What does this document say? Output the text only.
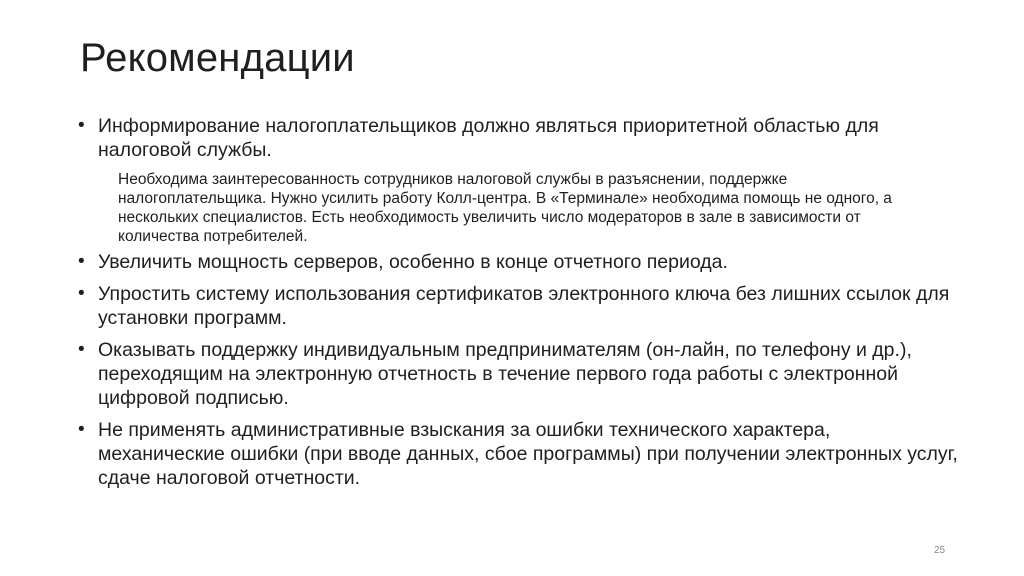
Рекомендации
• Информирование налогоплательщиков должно являться приоритетной областью для налоговой службы.
Необходима заинтересованность сотрудников налоговой службы в разъяснении, поддержке налогоплательщика. Нужно усилить работу Колл-центра. В «Терминале» необходима помощь не одного, а нескольких специалистов. Есть необходимость увеличить число модераторов в зале в зависимости от количества потребителей.
• Увеличить мощность серверов, особенно в конце отчетного периода.
• Упростить систему использования сертификатов электронного ключа без лишних ссылок для установки программ.
• Оказывать поддержку индивидуальным предпринимателям (он-лайн, по телефону и др.), переходящим на электронную отчетность в течение первого года работы с электронной цифровой подписью.
• Не применять административные взыскания за ошибки технического характера, механические ошибки (при вводе данных, сбое программы) при получении электронных услуг, сдаче налоговой отчетности.
25
